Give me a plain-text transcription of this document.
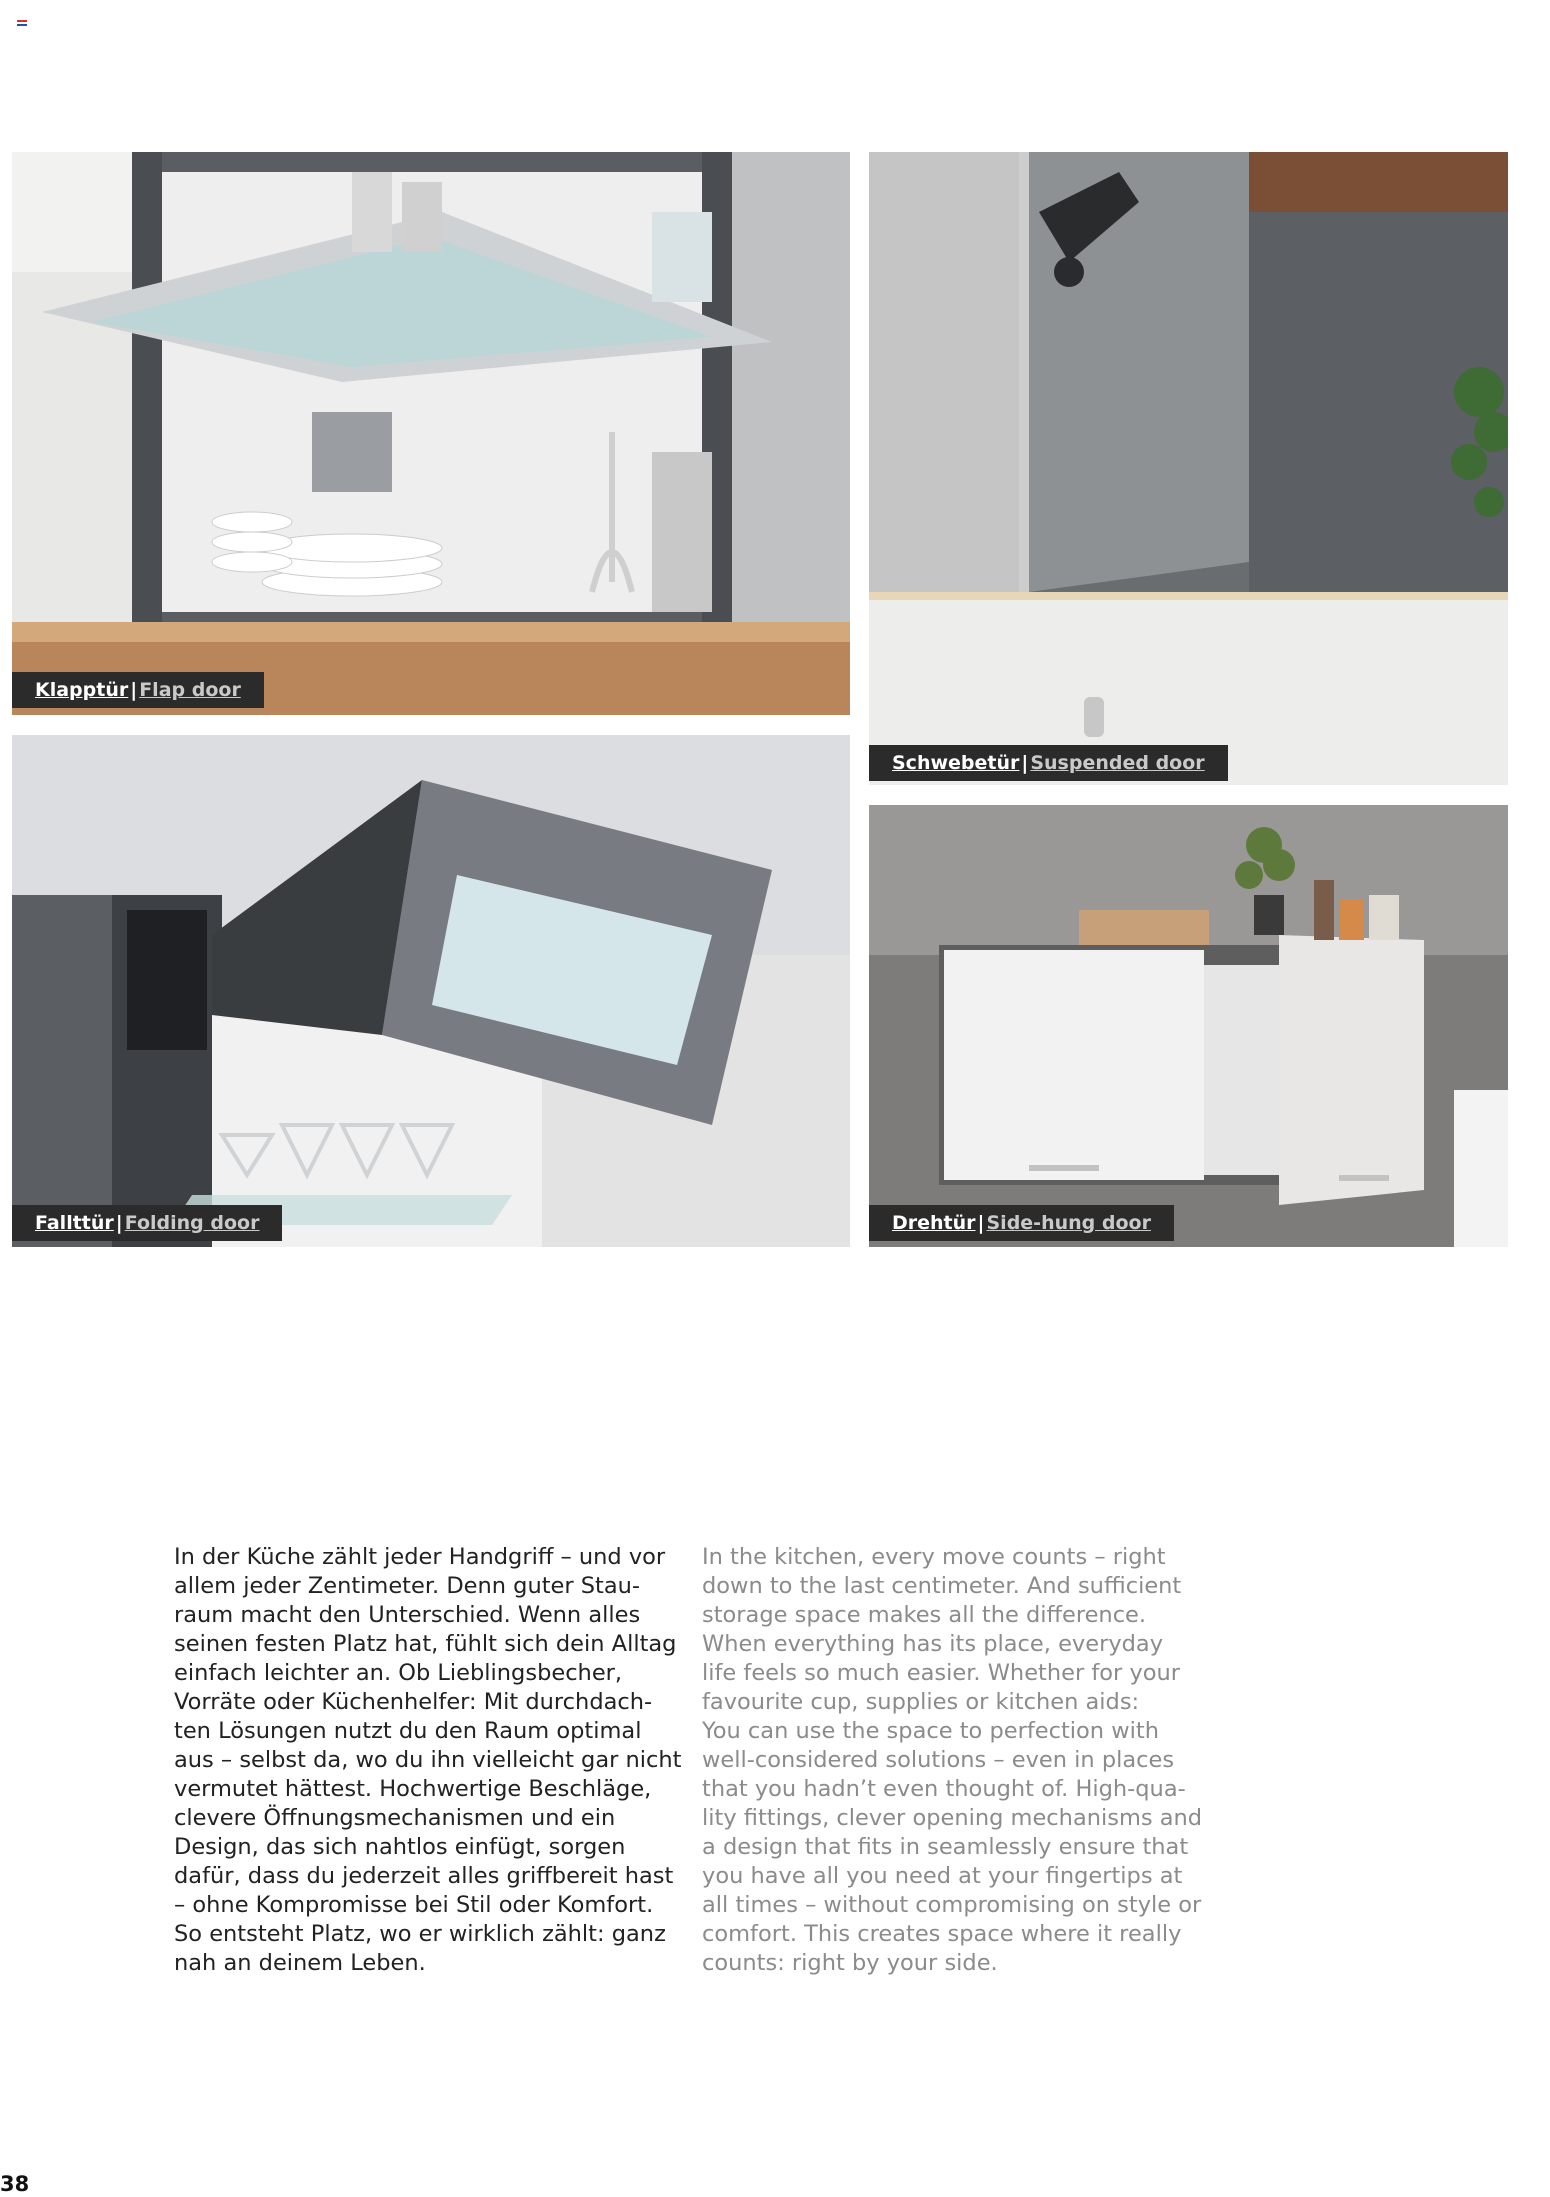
Klapptür | Flap door
Schwebetür | Suspended door
Fallttür | Folding door	Drehtür | Side-hung door
In der Küche zählt jeder Handgriff – und vor
allem jeder Zentimeter. Denn guter Stau-
raum macht den Unterschied. Wenn alles
seinen festen Platz hat, fühlt sich dein Alltag
einfach leichter an. Ob Lieblingsbecher,
Vorräte oder Küchenhelfer: Mit durchdach-
ten Lösungen nutzt du den Raum optimal
aus – selbst da, wo du ihn vielleicht gar nicht
vermutet hättest. Hochwertige Beschläge,
clevere Öffnungsmechanismen und ein
Design, das sich nahtlos einfügt, sorgen
dafür, dass du jederzeit alles griffbereit hast
– ohne Kompromisse bei Stil oder Komfort.
So entsteht Platz, wo er wirklich zählt: ganz
nah an deinem Leben.
In the kitchen, every move counts – right
down to the last centimeter. And sufficient
storage space makes all the difference.
When everything has its place, everyday
life feels so much easier. Whether for your
favourite cup, supplies or kitchen aids:
You can use the space to perfection with
well-considered solutions – even in places
that you hadn’t even thought of. High-qua-
lity fittings, clever opening mechanisms and
a design that fits in seamlessly ensure that
you have all you need at your fingertips at
all times – without compromising on style or
comfort. This creates space where it really
counts: right by your side.
38
